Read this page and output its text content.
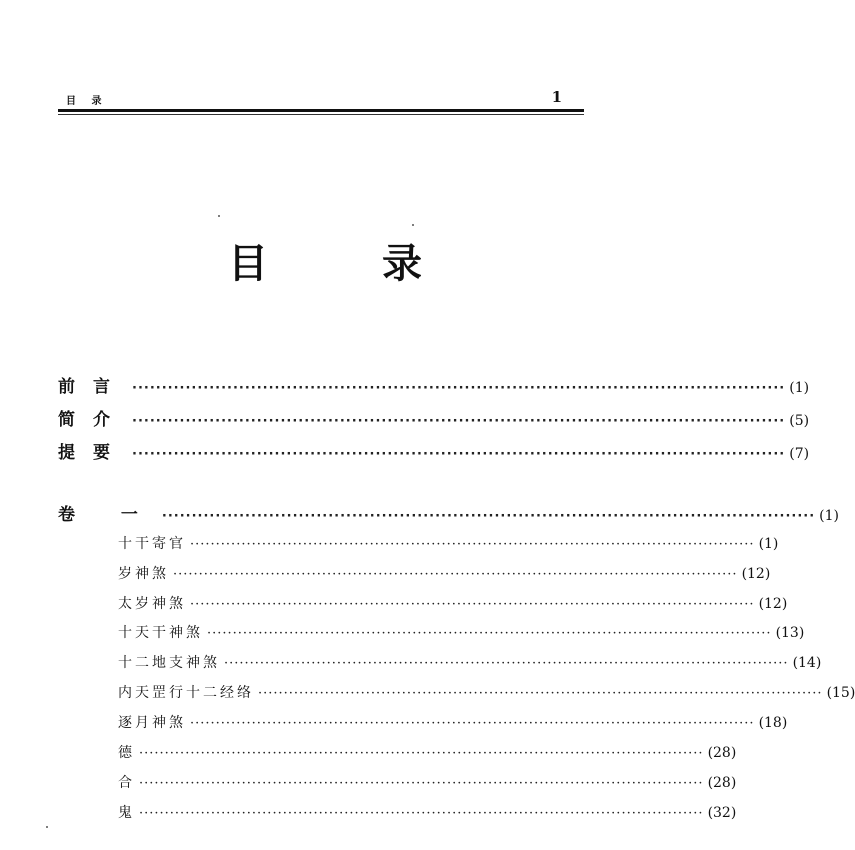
目 录	1
目 录
前言 ·············································································································· (1)
简介 ·············································································································· (5)
提要 ·············································································································· (7)
卷 一 ·············································································································· (1)
十干寄官 ·············································································································· (1)
岁神煞 ·············································································································· (12)
太岁神煞 ·············································································································· (12)
十天干神煞 ·············································································································· (13)
十二地支神煞 ·············································································································· (14)
内天罡行十二经络 ·············································································································· (15)
逐月神煞 ·············································································································· (18)
德 ·············································································································· (28)
合 ·············································································································· (28)
鬼 ·············································································································· (32)
